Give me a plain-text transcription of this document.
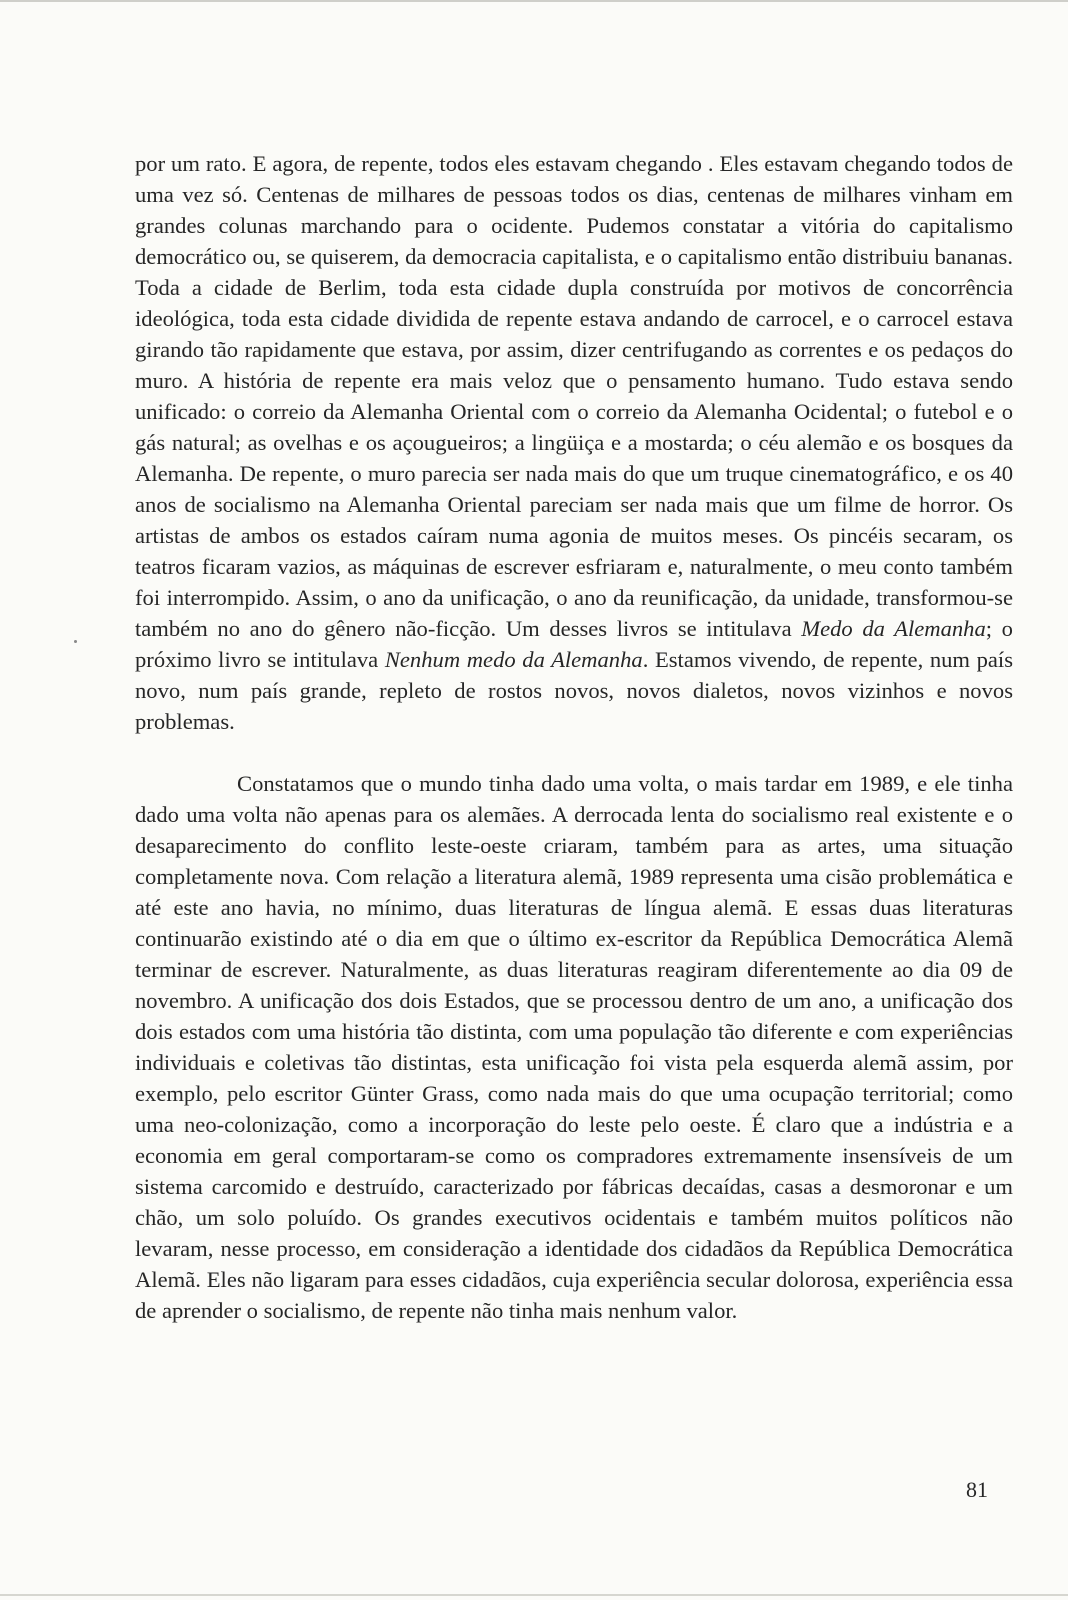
por um rato. E agora, de repente, todos eles estavam chegando . Eles estavam chegando todos de uma vez só. Centenas de milhares de pessoas todos os dias, centenas de milhares vinham em grandes colunas marchando para o ocidente. Pudemos constatar a vitória do capitalismo democrático ou, se quiserem, da democracia capitalista, e o capitalismo então distribuiu bananas. Toda a cidade de Berlim, toda esta cidade dupla construída por motivos de concorrência ideológica, toda esta cidade dividida de repente estava andando de carrocel, e o carrocel estava girando tão rapidamente que estava, por assim, dizer centrifugando as correntes e os pedaços do muro. A história de repente era mais veloz que o pensamento humano. Tudo estava sendo unificado: o correio da Alemanha Oriental com o correio da Alemanha Ocidental; o futebol e o gás natural; as ovelhas e os açougueiros; a lingüiça e a mostarda; o céu alemão e os bosques da Alemanha. De repente, o muro parecia ser nada mais do que um truque cinematográfico, e os 40 anos de socialismo na Alemanha Oriental pareciam ser nada mais que um filme de horror. Os artistas de ambos os estados caíram numa agonia de muitos meses. Os pincéis secaram, os teatros ficaram vazios, as máquinas de escrever esfriaram e, naturalmente, o meu conto também foi interrompido. Assim, o ano da unificação, o ano da reunificação, da unidade, transformou-se também no ano do gênero não-ficção. Um desses livros se intitulava Medo da Alemanha; o próximo livro se intitulava Nenhum medo da Alemanha. Estamos vivendo, de repente, num país novo, num país grande, repleto de rostos novos, novos dialetos, novos vizinhos e novos problemas.

Constatamos que o mundo tinha dado uma volta, o mais tardar em 1989, e ele tinha dado uma volta não apenas para os alemães. A derrocada lenta do socialismo real existente e o desaparecimento do conflito leste-oeste criaram, também para as artes, uma situação completamente nova. Com relação a literatura alemã, 1989 representa uma cisão problemática e até este ano havia, no mínimo, duas literaturas de língua alemã. E essas duas literaturas continuarão existindo até o dia em que o último ex-escritor da República Democrática Alemã terminar de escrever. Naturalmente, as duas literaturas reagiram diferentemente ao dia 09 de novembro. A unificação dos dois Estados, que se processou dentro de um ano, a unificação dos dois estados com uma história tão distinta, com uma população tão diferente e com experiências individuais e coletivas tão distintas, esta unificação foi vista pela esquerda alemã assim, por exemplo, pelo escritor Günter Grass, como nada mais do que uma ocupação territorial; como uma neo-colonização, como a incorporação do leste pelo oeste. É claro que a indústria e a economia em geral comportaram-se como os compradores extremamente insensíveis de um sistema carcomido e destruído, caracterizado por fábricas decaídas, casas a desmoronar e um chão, um solo poluído. Os grandes executivos ocidentais e também muitos políticos não levaram, nesse processo, em consideração a identidade dos cidadãos da República Democrática Alemã. Eles não ligaram para esses cidadãos, cuja experiência secular dolorosa, experiência essa de aprender o socialismo, de repente não tinha mais nenhum valor.

81
